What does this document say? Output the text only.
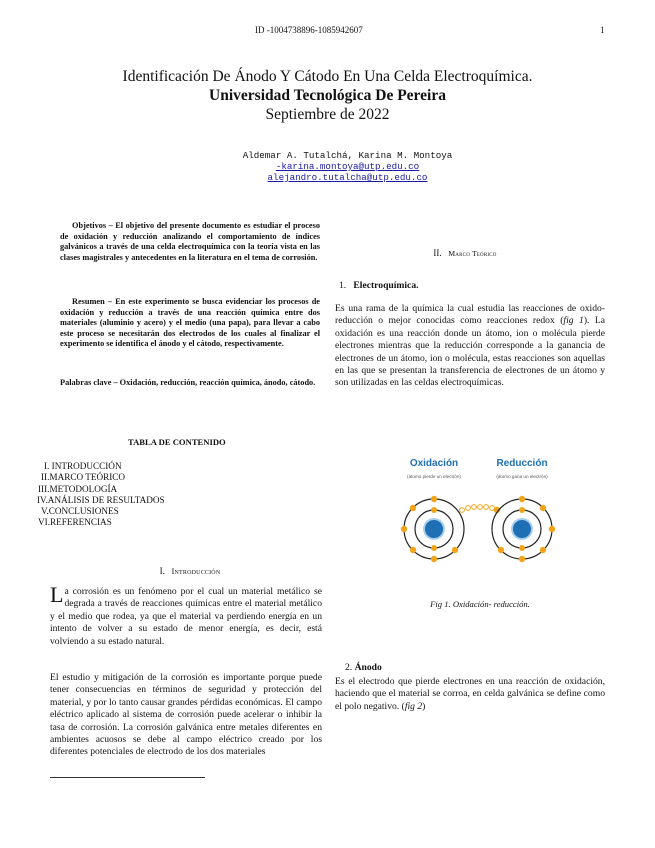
ID -1004738896-1085942607	1
Identificación De Ánodo Y Cátodo En Una Celda Electroquímica.
Universidad Tecnológica De Pereira
Septiembre de 2022
Aldemar A. Tutalchá, Karina M. Montoya
-karina.montoya@utp.edu.co
alejandro.tutalcha@utp.edu.co
Objetivos – El objetivo del presente documento es estudiar el proceso de oxidación y reducción analizando el comportamiento de índices galvánicos a través de una celda electroquímica con la teoría vista en las clases magistrales y antecedentes en la literatura en el tema de corrosión.
Resumen – En este experimento se busca evidenciar los procesos de oxidación y reducción a través de una reacción química entre dos materiales (aluminio y acero) y el medio (una papa), para llevar a cabo este proceso se necesitarán dos electrodos de los cuales al finalizar el experimento se identifica el ánodo y el cátodo, respectivamente.
Palabras clave – Oxidación, reducción, reacción química, ánodo, cátodo.
TABLA DE CONTENIDO
I. INTRODUCCIÓN
II.MARCO TEÓRICO
III.METODOLOGÍA
IV.ANÁLISIS DE RESULTADOS
V.CONCLUSIONES
VI.REFERENCIAS
I. Introducción
La corrosión es un fenómeno por el cual un material metálico se degrada a través de reacciones químicas entre el material metálico y el medio que rodea, ya que el material va perdiendo energía en un intento de volver a su estado de menor energía, es decir, está volviendo a su estado natural.
El estudio y mitigación de la corrosión es importante porque puede tener consecuencias en términos de seguridad y protección del material, y por lo tanto causar grandes pérdidas económicas. El campo eléctrico aplicado al sistema de corrosión puede acelerar o inhibir la tasa de corrosión. La corrosión galvánica entre metales diferentes en ambientes acuosos se debe al campo eléctrico creado por los diferentes potenciales de electrodo de los dos materiales
II. Marco Teórico
1. Electroquímica.
Es una rama de la química la cual estudia las reacciones de oxido-reducción o mejor conocidas como reacciones redox (fig 1). La oxidación es una reacción donde un átomo, ion o molécula pierde electrones mientras que la reducción corresponde a la ganancia de electrones de un átomo, ion o molécula, estas reacciones son aquellas en las que se presentan la transferencia de electrones de un átomo y son utilizadas en las celdas electroquímicas.
Oxidación
(átomo pierde un electrón)
Reducción
(átomo gana un electrón)
Fig 1. Oxidación- reducción.
2. Ánodo
Es el electrodo que pierde electrones en una reacción de oxidación, haciendo que el material se corroa, en celda galvánica se define como el polo negativo. (fig 2)
